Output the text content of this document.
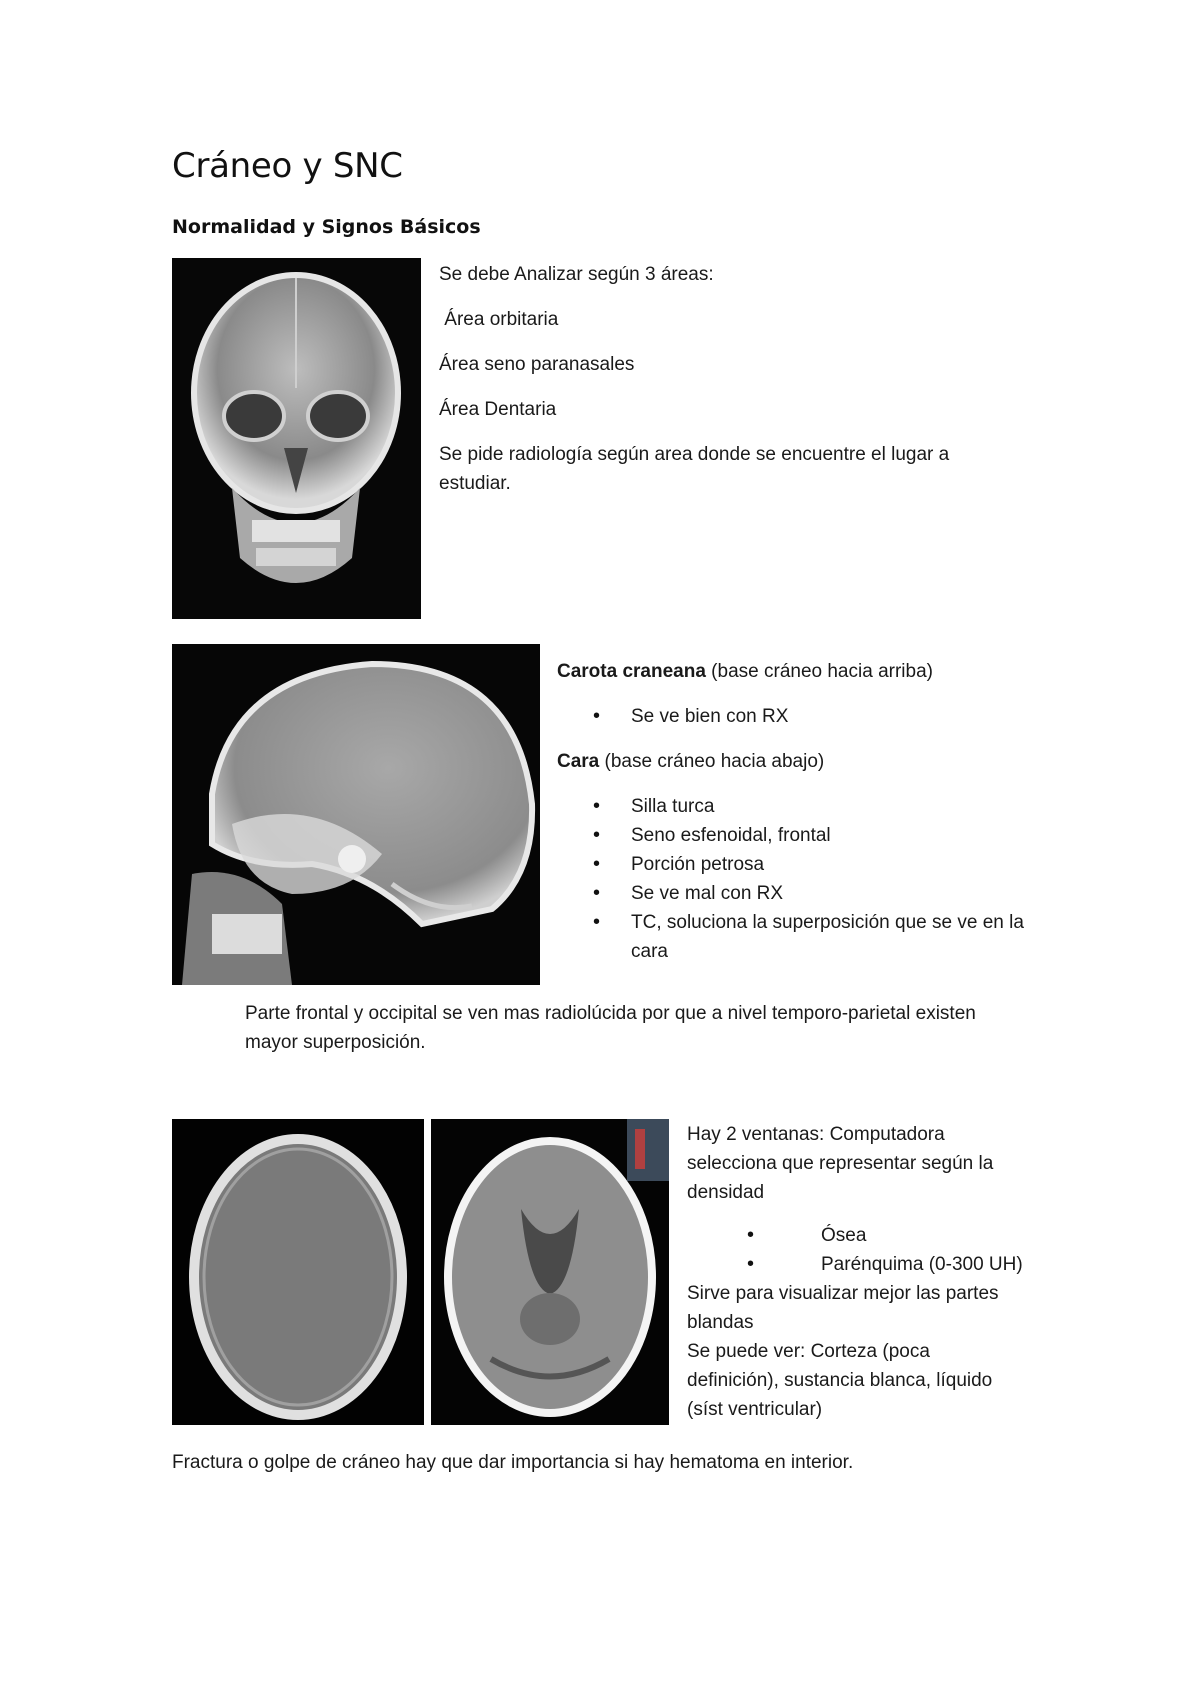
Cráneo y SNC

Normalidad y Signos Básicos

Se debe Analizar según 3 áreas:

Área orbitaria

Área seno paranasales

Área Dentaria

Se pide radiología según area donde se encuentre el lugar a estudiar.

Carota craneana (base cráneo hacia arriba)

• Se ve bien con RX

Cara (base cráneo hacia abajo)

• Silla turca
• Seno esfenoidal, frontal
• Porción petrosa
• Se ve mal con RX
• TC, soluciona la superposición que se ve en la cara

Parte frontal y occipital se ven mas radiolúcida por que a nivel temporo-parietal existen mayor superposición.

Hay 2 ventanas: Computadora selecciona que representar según la densidad

• Ósea
• Parénquima (0-300 UH)

Sirve para visualizar mejor las partes blandas

Se puede ver: Corteza (poca definición), sustancia blanca, líquido (síst ventricular)

Fractura o golpe de cráneo hay que dar importancia si hay hematoma en interior.
